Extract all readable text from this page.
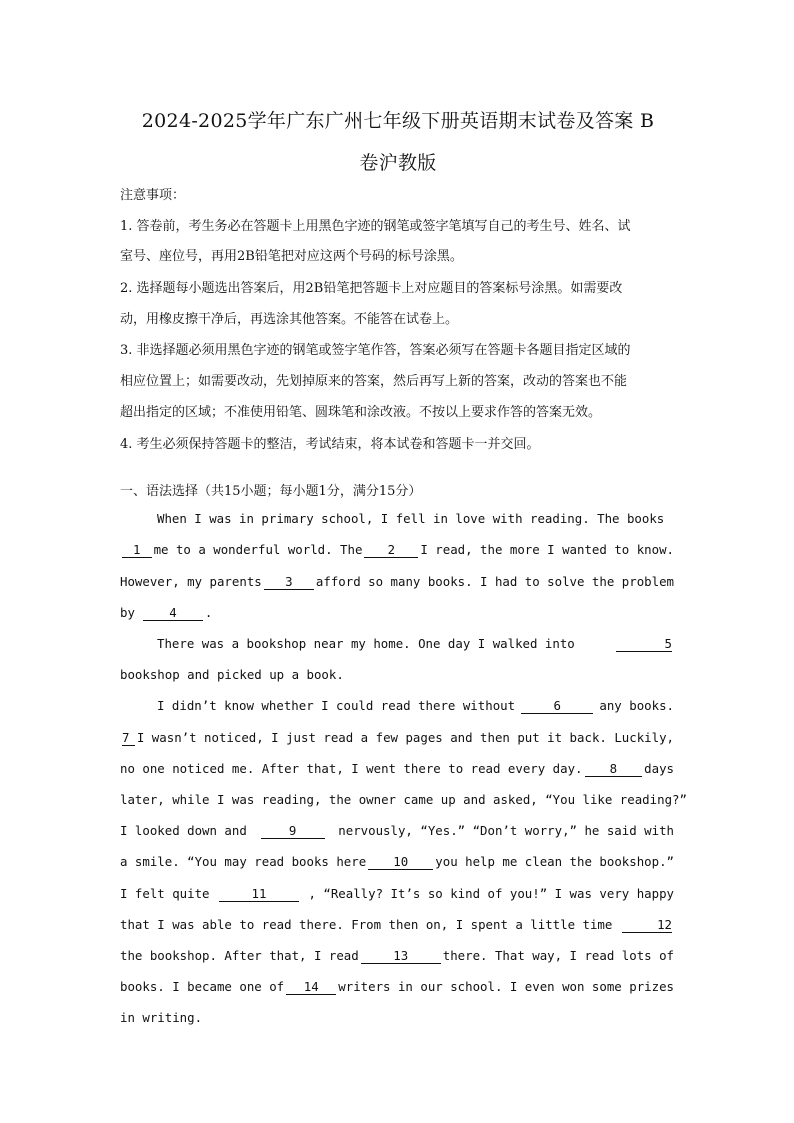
2024-2025学年广东广州七年级下册英语期末试卷及答案 B
卷沪教版
注意事项：
1. 答卷前，考生务必在答题卡上用黑色字迹的钢笔或签字笔填写自己的考生号、姓名、试
室号、座位号，再用2B铅笔把对应这两个号码的标号涂黑。
2. 选择题每小题选出答案后，用2B铅笔把答题卡上对应题目的答案标号涂黑。如需要改
动，用橡皮擦干净后，再选涂其他答案。不能答在试卷上。
3. 非选择题必须用黑色字迹的钢笔或签字笔作答，答案必须写在答题卡各题目指定区域的
相应位置上；如需要改动，先划掉原来的答案，然后再写上新的答案，改动的答案也不能
超出指定的区域；不准使用铅笔、圆珠笔和涂改液。不按以上要求作答的答案无效。
4. 考生必须保持答题卡的整洁，考试结束，将本试卷和答题卡一并交回。
一、语法选择（共15小题；每小题1分，满分15分）
When I was in primary school, I fell in love with reading. The books
1	me to a wonderful world. The	2	I read, the more I wanted to know.
However, my parents	3	afford so many books. I had to solve the problem
by	4	.
There was a bookshop near my home. One day I walked into	5
bookshop and picked up a book.
I didn’t know whether I could read there without	6	any books.
7 I wasn’t noticed, I just read a few pages and then put it back. Luckily,
no one noticed me. After that, I went there to read every day.	8	days
later, while I was reading, the owner came up and asked, “You like reading?”
I looked down and	9	nervously, “Yes.” “Don’t worry,” he said with
a smile. “You may read books here	10	you help me clean the bookshop.”
I felt quite	11	, “Really? It’s so kind of you!” I was very happy
that I was able to read there. From then on, I spent a little time	12
the bookshop. After that, I read	13	there. That way, I read lots of
books. I became one of	14	writers in our school. I even won some prizes
in writing.
